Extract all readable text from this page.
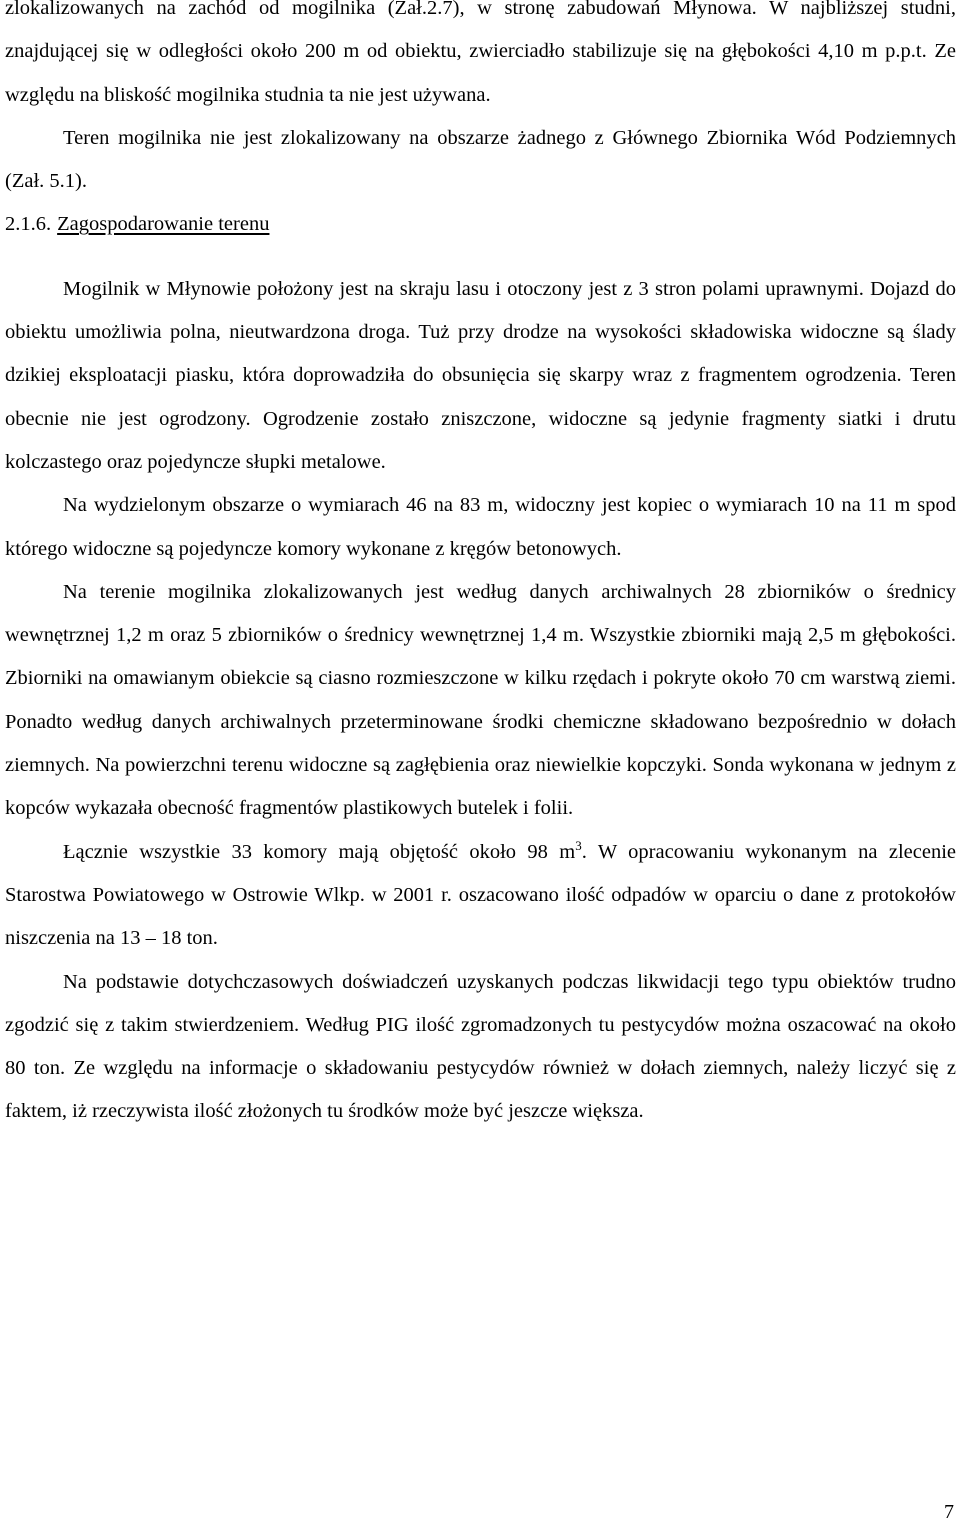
zlokalizowanych na zachód od mogilnika (Zał.2.7), w stronę zabudowań Młynowa. W najbliższej studni, znajdującej się w odległości około 200 m od obiektu, zwierciadło stabilizuje się na głębokości 4,10 m p.p.t. Ze względu na bliskość mogilnika studnia ta nie jest używana.

Teren mogilnika nie jest zlokalizowany na obszarze żadnego z Głównego Zbiornika Wód Podziemnych (Zał. 5.1).

2.1.6. Zagospodarowanie terenu

Mogilnik w Młynowie położony jest na skraju lasu i otoczony jest z 3 stron polami uprawnymi. Dojazd do obiektu umożliwia polna, nieutwardzona droga. Tuż przy drodze na wysokości składowiska widoczne są ślady dzikiej eksploatacji piasku, która doprowadziła do obsunięcia się skarpy wraz z fragmentem ogrodzenia. Teren obecnie nie jest ogrodzony. Ogrodzenie zostało zniszczone, widoczne są jedynie fragmenty siatki i drutu kolczastego oraz pojedyncze słupki metalowe.

Na wydzielonym obszarze o wymiarach 46 na 83 m, widoczny jest kopiec o wymiarach 10 na 11 m spod którego widoczne są pojedyncze komory wykonane z kręgów betonowych.

Na terenie mogilnika zlokalizowanych jest według danych archiwalnych 28 zbiorników o średnicy wewnętrznej 1,2 m oraz 5 zbiorników o średnicy wewnętrznej 1,4 m. Wszystkie zbiorniki mają 2,5 m głębokości. Zbiorniki na omawianym obiekcie są ciasno rozmieszczone w kilku rzędach i pokryte około 70 cm warstwą ziemi. Ponadto według danych archiwalnych przeterminowane środki chemiczne składowano bezpośrednio w dołach ziemnych. Na powierzchni terenu widoczne są zagłębienia oraz niewielkie kopczyki. Sonda wykonana w jednym z kopców wykazała obecność fragmentów plastikowych butelek i folii.

Łącznie wszystkie 33 komory mają objętość około 98 $m^3$. W opracowaniu wykonanym na zlecenie Starostwa Powiatowego w Ostrowie Wlkp. w 2001 r. oszacowano ilość odpadów w oparciu o dane z protokołów niszczenia na 13 – 18 ton.

Na podstawie dotychczasowych doświadczeń uzyskanych podczas likwidacji tego typu obiektów trudno zgodzić się z takim stwierdzeniem. Według PIG ilość zgromadzonych tu pestycydów można oszacować na około 80 ton. Ze względu na informacje o składowaniu pestycydów również w dołach ziemnych, należy liczyć się z faktem, iż rzeczywista ilość złożonych tu środków może być jeszcze większa.

7
